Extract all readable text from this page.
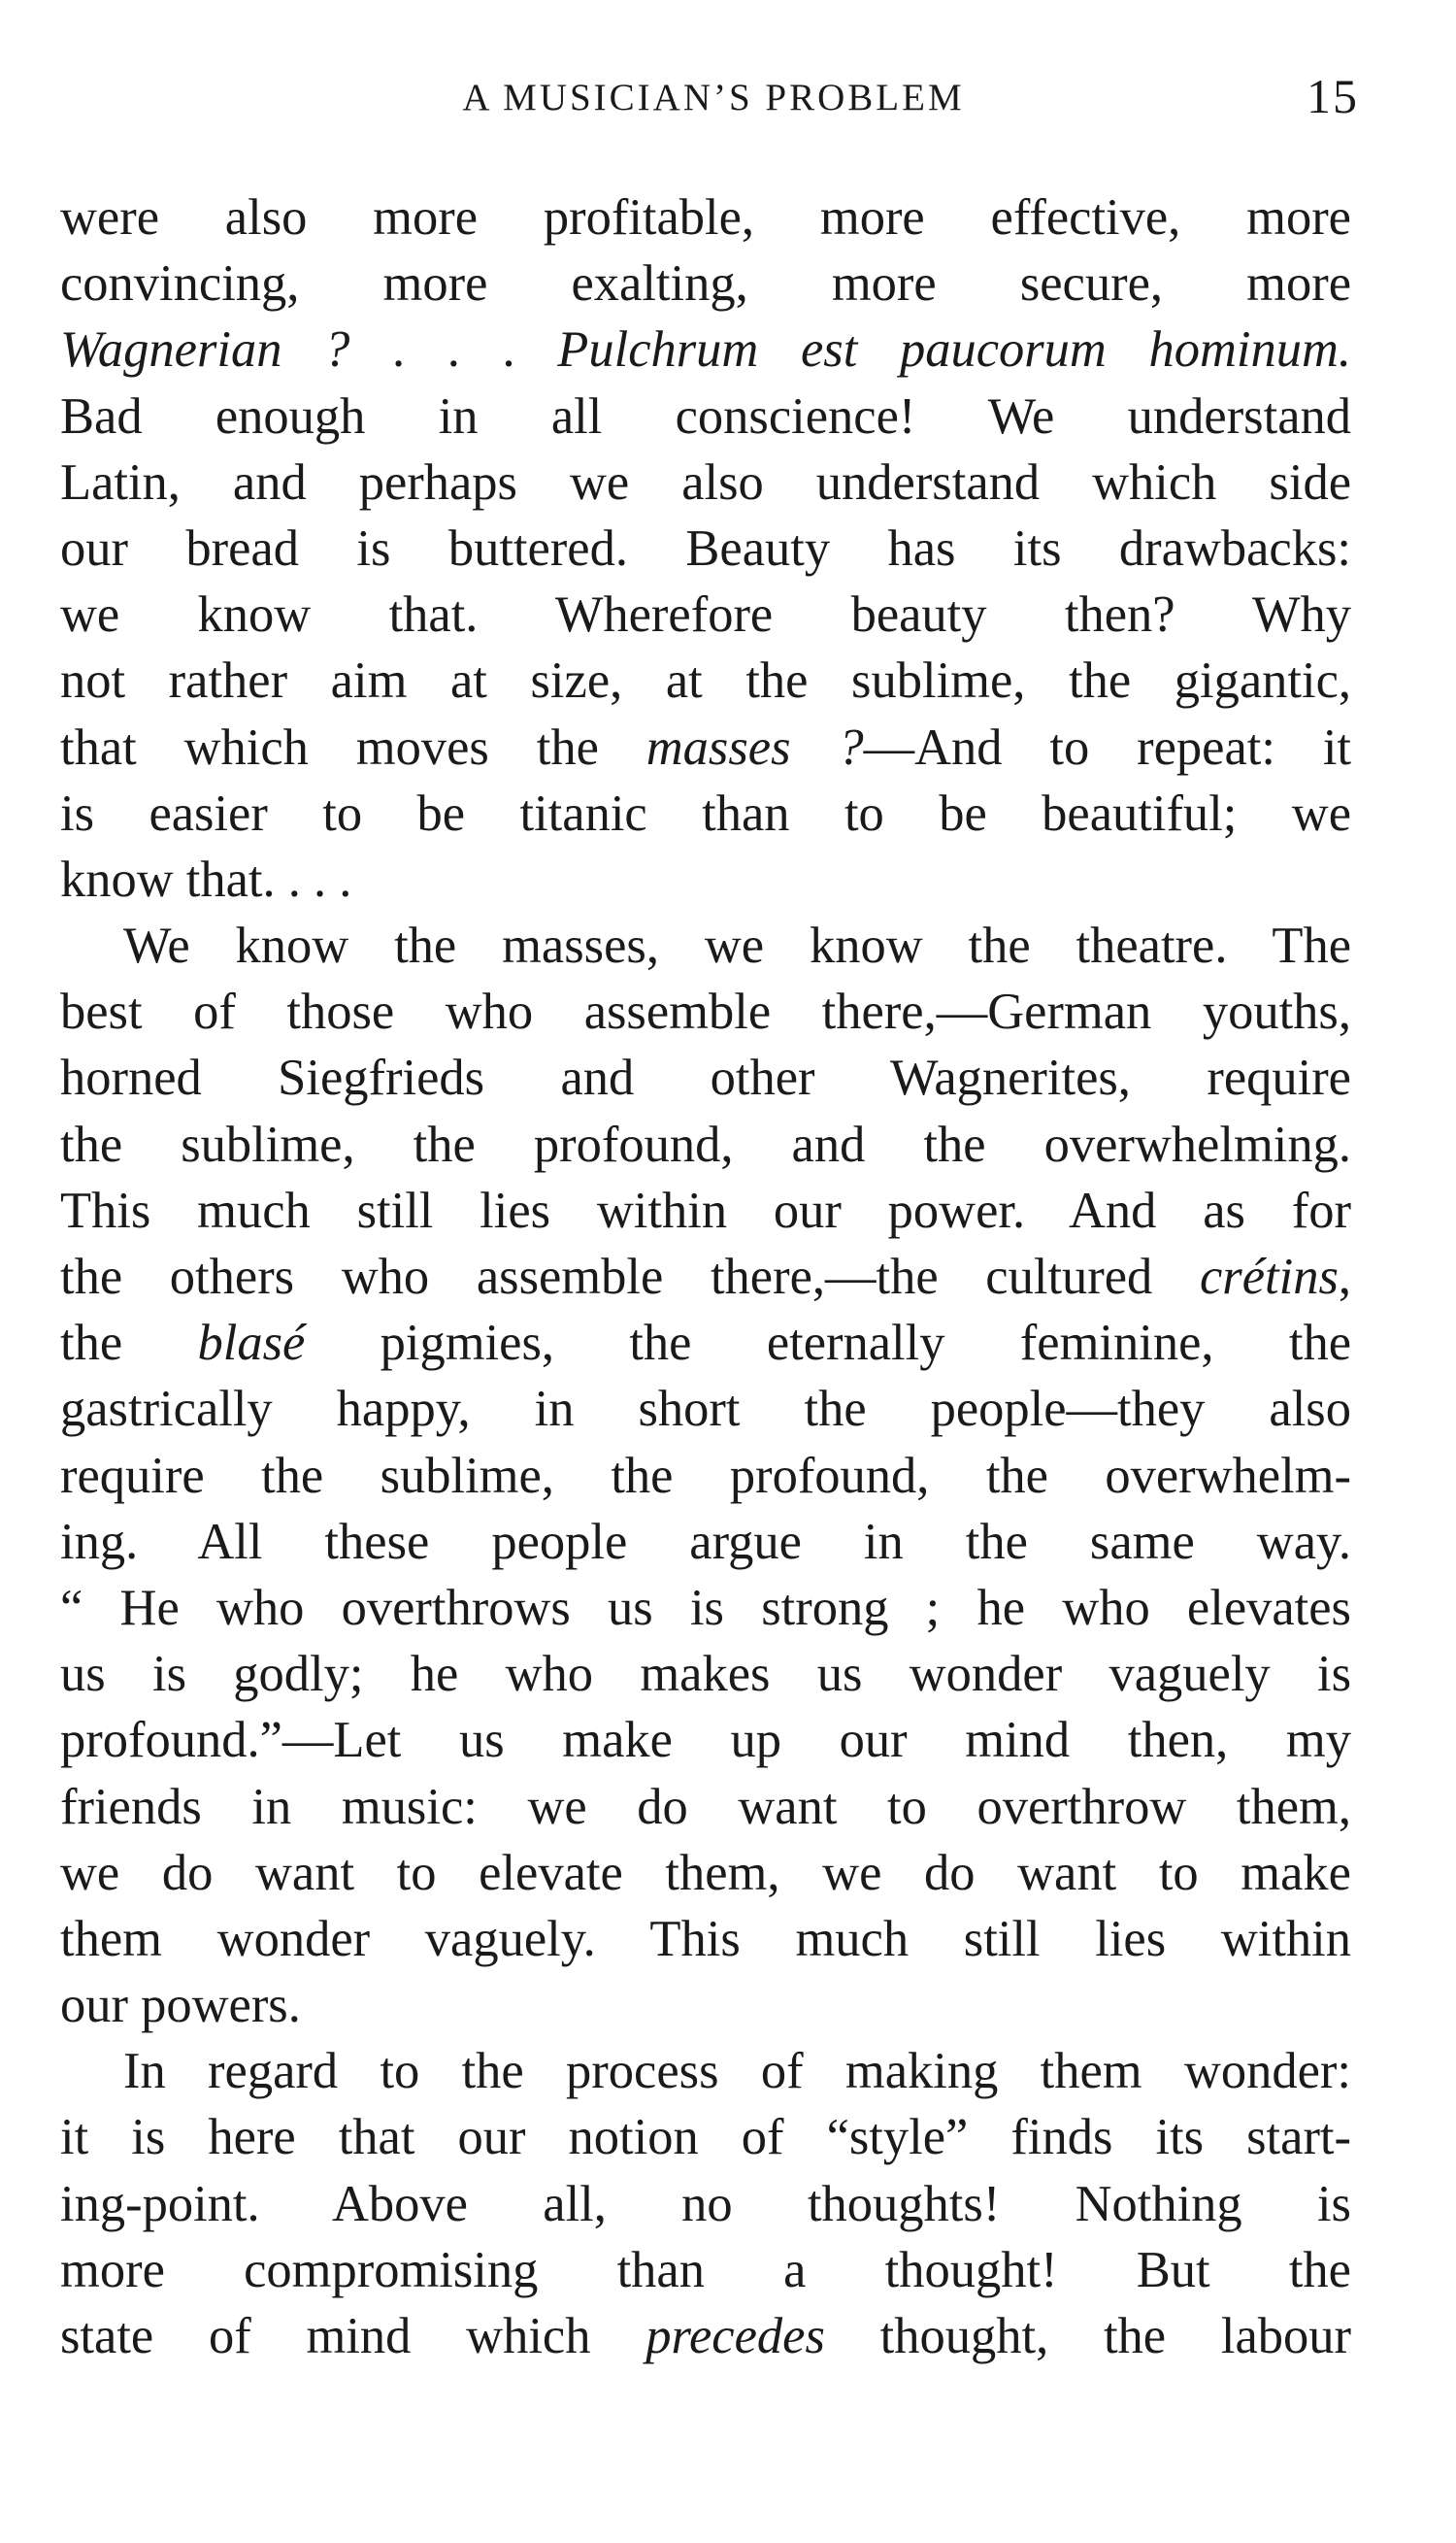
A MUSICIAN’S PROBLEM	15
were also more profitable, more effective, more
convincing, more exalting, more secure, more
Wagnerian ? . . . Pulchrum est paucorum hominum.
Bad enough in all conscience! We understand
Latin, and perhaps we also understand which side
our bread is buttered. Beauty has its drawbacks:
we know that. Wherefore beauty then? Why
not rather aim at size, at the sublime, the gigantic,
that which moves the masses ?—And to repeat: it
is easier to be titanic than to be beautiful; we
know that. . . .
We know the masses, we know the theatre. The
best of those who assemble there,—German youths,
horned Siegfrieds and other Wagnerites, require
the sublime, the profound, and the overwhelming.
This much still lies within our power. And as for
the others who assemble there,—the cultured crétins,
the blasé pigmies, the eternally feminine, the
gastrically happy, in short the people—they also
require the sublime, the profound, the overwhelm-
ing. All these people argue in the same way.
“ He who overthrows us is strong ; he who elevates
us is godly; he who makes us wonder vaguely is
profound.”—Let us make up our mind then, my
friends in music: we do want to overthrow them,
we do want to elevate them, we do want to make
them wonder vaguely. This much still lies within
our powers.
In regard to the process of making them wonder:
it is here that our notion of “style” finds its start-
ing-point. Above all, no thoughts! Nothing is
more compromising than a thought! But the
state of mind which precedes thought, the labour
